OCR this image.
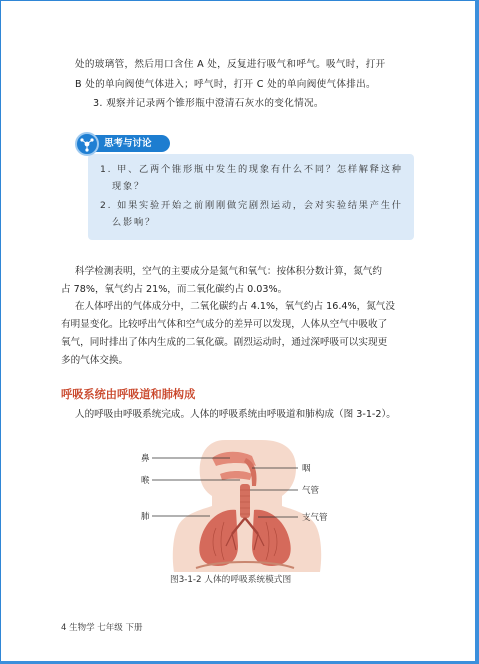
处的玻璃管，然后用口含住 A 处，反复进行吸气和呼气。吸气时，打开
B 处的单向阀使气体进入；呼气时，打开 C 处的单向阀使气体排出。
3. 观察并记录两个锥形瓶中澄清石灰水的变化情况。
思考与讨论
1. 甲、乙两个锥形瓶中发生的现象有什么不同？怎样解释这种
现象？
2. 如果实验开始之前刚刚做完剧烈运动，会对实验结果产生什
么影响？
科学检测表明，空气的主要成分是氮气和氧气：按体积分数计算，氮气约
占 78%，氧气约占 21%，而二氧化碳约占 0.03%。
在人体呼出的气体成分中，二氧化碳约占 4.1%，氧气约占 16.4%，氮气没
有明显变化。比较呼出气体和空气成分的差异可以发现，人体从空气中吸收了
氧气，同时排出了体内生成的二氧化碳。剧烈运动时，通过深呼吸可以实现更
多的气体交换。
呼吸系统由呼吸道和肺构成
人的呼吸由呼吸系统完成。人体的呼吸系统由呼吸道和肺构成（图 3-1-2）。
鼻
咽
喉
气管
肺	支气管
图3-1-2 人体的呼吸系统模式图
4 生物学 七年级 下册
